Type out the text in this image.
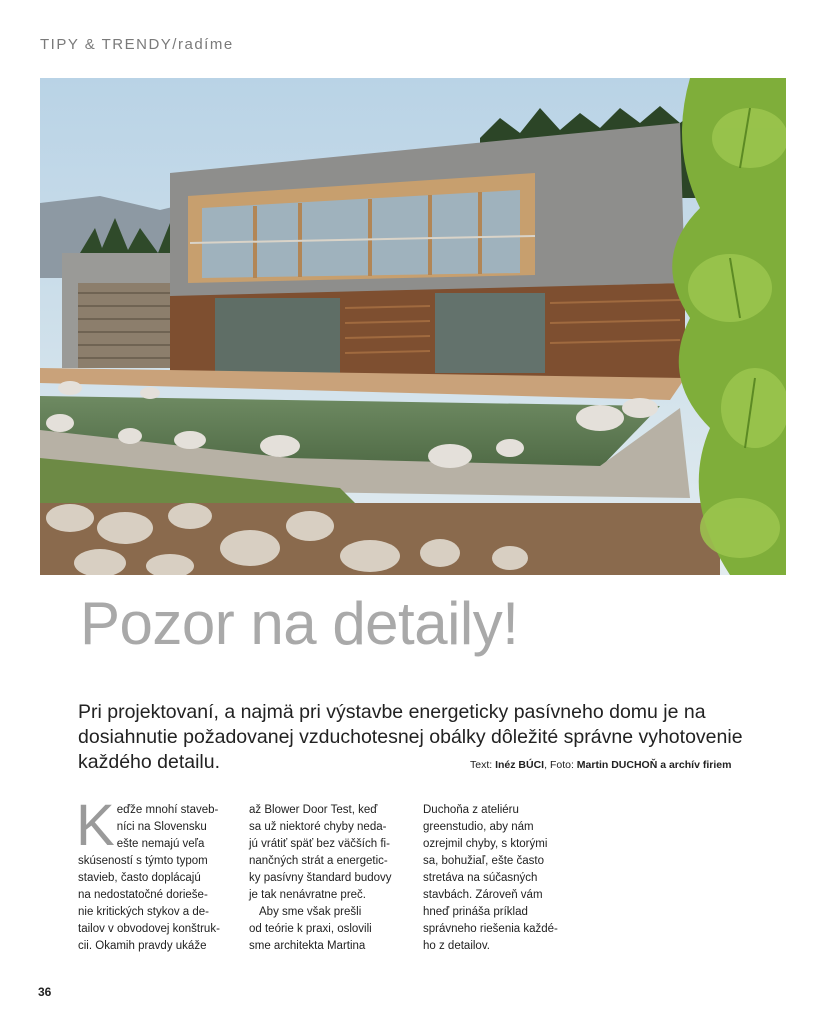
TIPY & TRENDY/radíme
Pozor na detaily!
Pri projektovaní, a najmä pri výstavbe energeticky pasívneho domu je na dosiahnutie požadovanej vzduchotesnej obálky dôležité správne vyhotovenie každého detailu.	Text: Inéz BÚCI, Foto: Martin DUCHOŇ a archív firiem
K eďže mnohí staveb-
níci na Slovensku
ešte nemajú veľa
skúseností s týmto typom
stavieb, často doplácajú
na nedostatočné doriešе-
nie kritických stykov a de-
tailov v obvodovej konštruk-
cii. Okamih pravdy ukáže
až Blower Door Test, keď
sa už niektoré chyby neda-
jú vrátiť späť bez väčších fi-
nančných strát a energetic-
ky pasívny štandard budovy
je tak nenávratne preč.
Aby sme však prešli
od teórie k praxi, oslovili
sme architekta Martina
Duchoňa z ateliéru
greenstudio, aby nám
ozrejmil chyby, s ktorými
sa, bohužiaľ, ešte často
stretáva na súčasných
stavbách. Zároveň vám
hneď prináša príklad
správneho riešenia každé-
ho z detailov.
36
